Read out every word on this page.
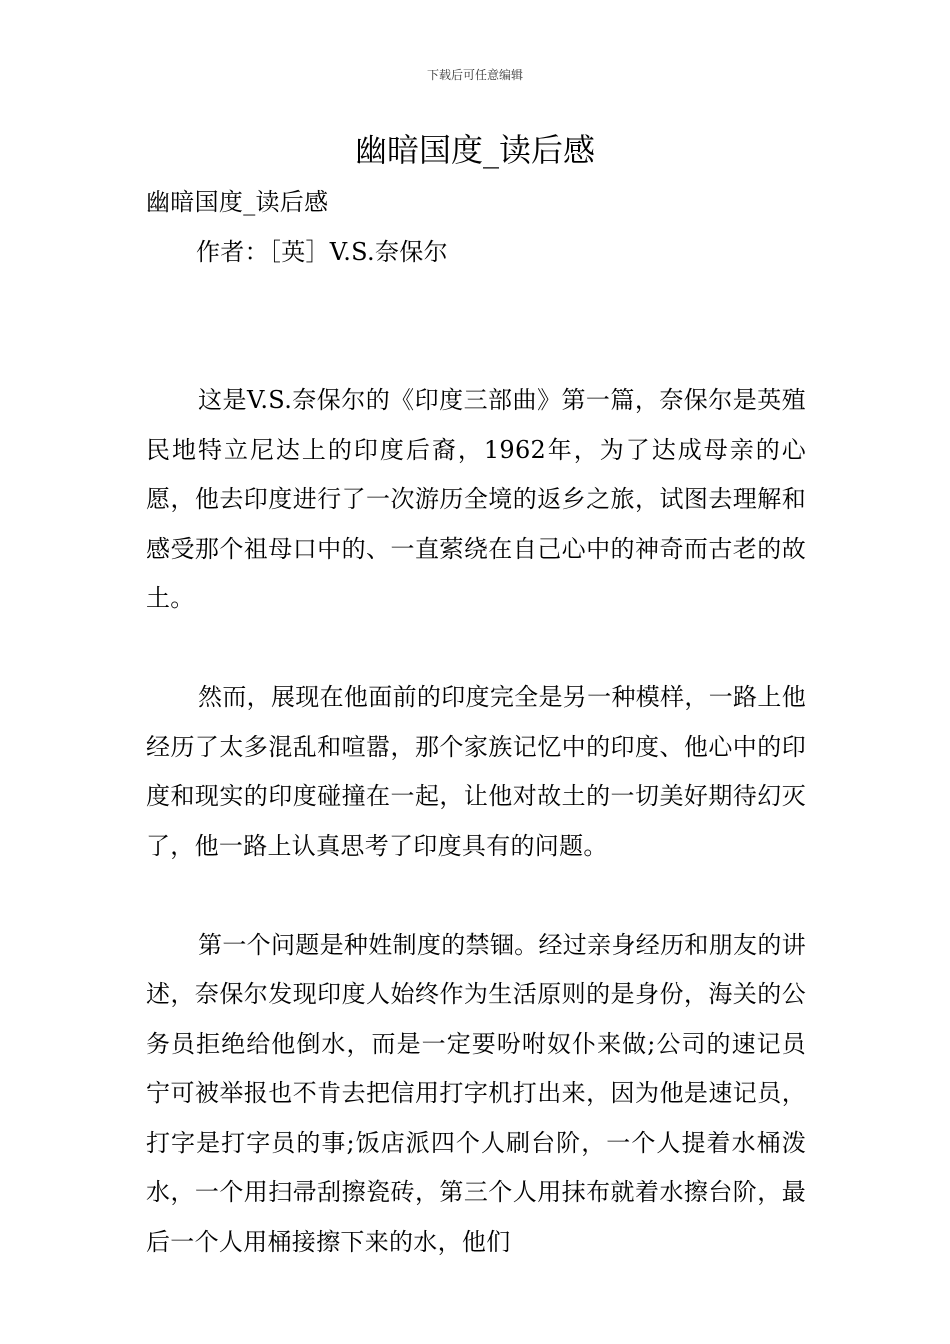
下载后可任意编辑
幽暗国度_读后感

幽暗国度_读后感

作者：［英］V.S.奈保尔

这是V.S.奈保尔的《印度三部曲》第一篇，奈保尔是英殖民地特立尼达上的印度后裔，1962年，为了达成母亲的心愿，他去印度进行了一次游历全境的返乡之旅，试图去理解和感受那个祖母口中的、一直萦绕在自己心中的神奇而古老的故土。

然而，展现在他面前的印度完全是另一种模样，一路上他经历了太多混乱和喧嚣，那个家族记忆中的印度、他心中的印度和现实的印度碰撞在一起，让他对故土的一切美好期待幻灭了，他一路上认真思考了印度具有的问题。

第一个问题是种姓制度的禁锢。经过亲身经历和朋友的讲述，奈保尔发现印度人始终作为生活原则的是身份，海关的公务员拒绝给他倒水，而是一定要吩咐奴仆来做;公司的速记员宁可被举报也不肯去把信用打字机打出来，因为他是速记员，打字是打字员的事;饭店派四个人刷台阶，一个人提着水桶泼水，一个用扫帚刮擦瓷砖，第三个人用抹布就着水擦台阶，最后一个人用桶接擦下来的水，他们
